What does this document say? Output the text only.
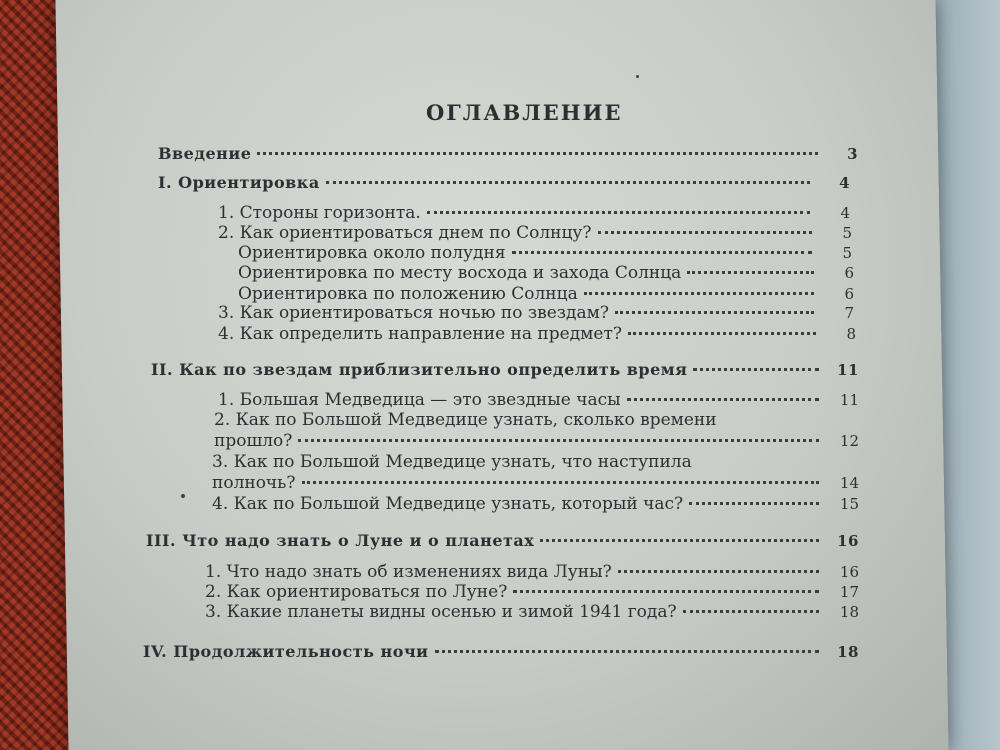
ОГЛАВЛЕНИЕ
Введение	3
I. Ориентировка	4
1. Стороны горизонта.	4
2. Как ориентироваться днем по Солнцу?	5
Ориентировка около полудня	5
Ориентировка по месту восхода и захода Солнца	6
Ориентировка по положению Солнца	6
3. Как ориентироваться ночью по звездам?	7
4. Как определить направление на предмет?	8
II. Как по звездам приблизительно определить время	11
1. Большая Медведица — это звездные часы	11
2. Как по Большой Медведице узнать, сколько времени
прошло?	12
3. Как по Большой Медведице узнать, что наступила
полночь?	14
4. Как по Большой Медведице узнать, который час?	15
III. Что надо знать о Луне и о планетах	16
1. Что надо знать об изменениях вида Луны?	16
2. Как ориентироваться по Луне?	17
3. Какие планеты видны осенью и зимой 1941 года?	18
IV. Продолжительность ночи	18
